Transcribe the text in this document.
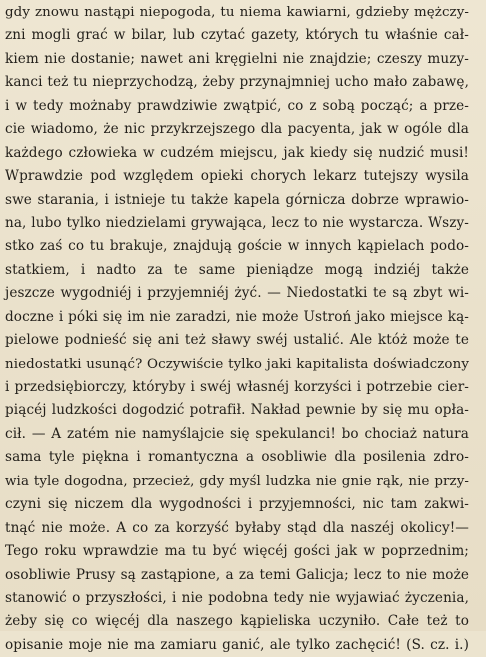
gdy znowu nastąpi niepogoda, tu niema kawiarni, gdzieby mężczy-
zni mogli grać w bilar, lub czytać gazety, których tu właśnie cał-
kiem nie dostanie; nawet ani kręgielni nie znajdzie; czeszy muzy-
kanci też tu nieprzychodzą, żeby przynajmniej ucho mało zabawę,
i w tedy możnaby prawdziwie zwątpić, co z sobą począć; a prze-
cie wiadomo, że nic przykrzejszego dla pacyenta, jak w ogóle dla
każdego człowieka w cudzém miejscu, jak kiedy się nudzić musi!
Wprawdzie pod względem opieki chorych lekarz tutejszy wysila
swe starania, i istnieje tu także kapela górnicza dobrze wprawio-
na, lubo tylko niedzielami grywająca, lecz to nie wystarcza. Wszy-
stko zaś co tu brakuje, znajdują goście w innych kąpielach podo-
statkiem, i nadto za te same pieniądze mogą indziéj także
jeszcze wygodniéj i przyjemniéj żyć. — Niedostatki te są zbyt wi-
doczne i póki się im nie zaradzi, nie może Ustroń jako miejsce ką-
pielowe podnieść się ani też sławy swéj ustalić. Ale któż może te
niedostatki usunąć? Oczywiście tylko jaki kapitalista doświadczony
i przedsiębiorczy, któryby i swéj własnéj korzyści i potrzebie cier-
piącéj ludzkości dogodzić potrafił. Nakład pewnie by się mu opła-
cił. — A zatém nie namyślajcie się spekulanci! bo chociaż natura
sama tyle piękna i romantyczna a osobliwie dla posilenia zdro-
wia tyle dogodna, przecież, gdy myśl ludzka nie gnie rąk, nie przy-
czyni się niczem dla wygodności i przyjemności, nic tam zakwi-
tnąć nie może. A co za korzyść byłaby stąd dla naszéj okolicy!—
Tego roku wprawdzie ma tu być więcéj gości jak w poprzednim;
osobliwie Prusy są zastąpione, a za temi Galicja; lecz to nie może
stanowić o przyszłości, i nie podobna tedy nie wyjawiać życzenia,
żeby się co więcéj dla naszego kąpieliska uczyniło. Całe też to
opisanie moje nie ma zamiaru ganić, ale tylko zachęcić! (S. cz. i.)
